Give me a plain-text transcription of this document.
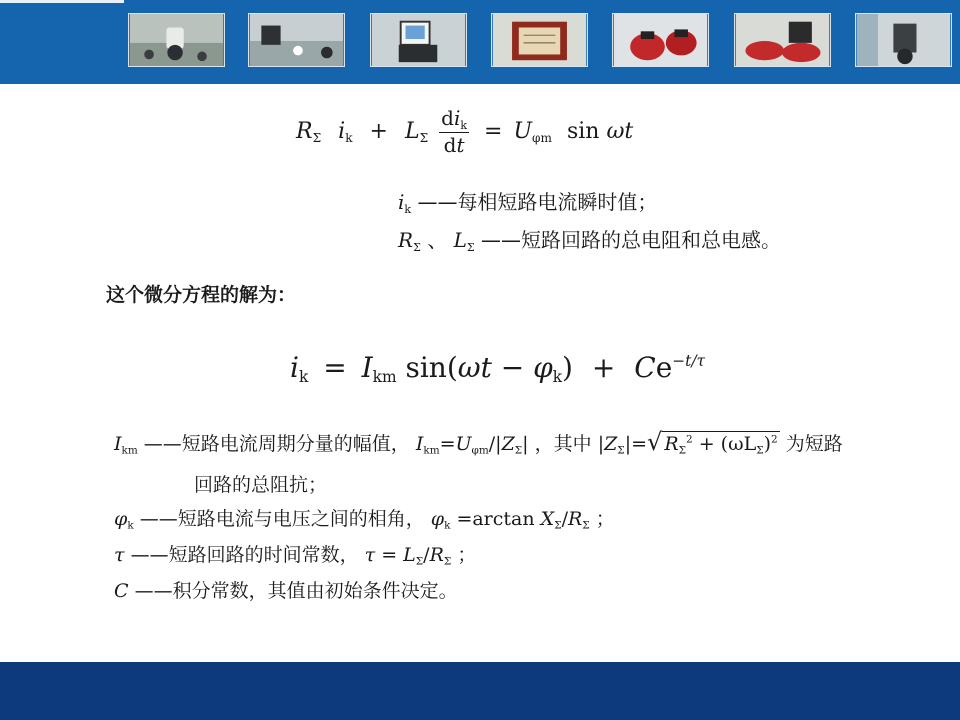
$R_\Sigma$ $i_k + L_\Sigma \frac{di_k}{dt} = U_{\varphi m}$ sin ωt
$i_k$ ——每相短路电流瞬时值；
$R_\Sigma$ 、 $L_\Sigma$ ——短路回路的总电阻和总电感。
这个微分方程的解为：
$i_k = I_{km}$ $\sin(\omega t - \varphi_k) + Ce^{-t/\tau}$
$I_{km}$ ——短路电流周期分量的幅值， $I_{km}=U_{\varphi m}/|Z_\Sigma|$ ，其中 $|Z_\Sigma|=√$ $R_\Sigma^2 + (\omega L_\Sigma)^2$ 为短路
回路的总阻抗；
$\varphi_k$ ——短路电流与电压之间的相角， $\varphi_k =\arctan$ $X_\Sigma/R_\Sigma$ ；
τ ——短路回路的时间常数， $\tau = L_\Sigma/R_\Sigma$ ；
C ——积分常数，其值由初始条件决定。
